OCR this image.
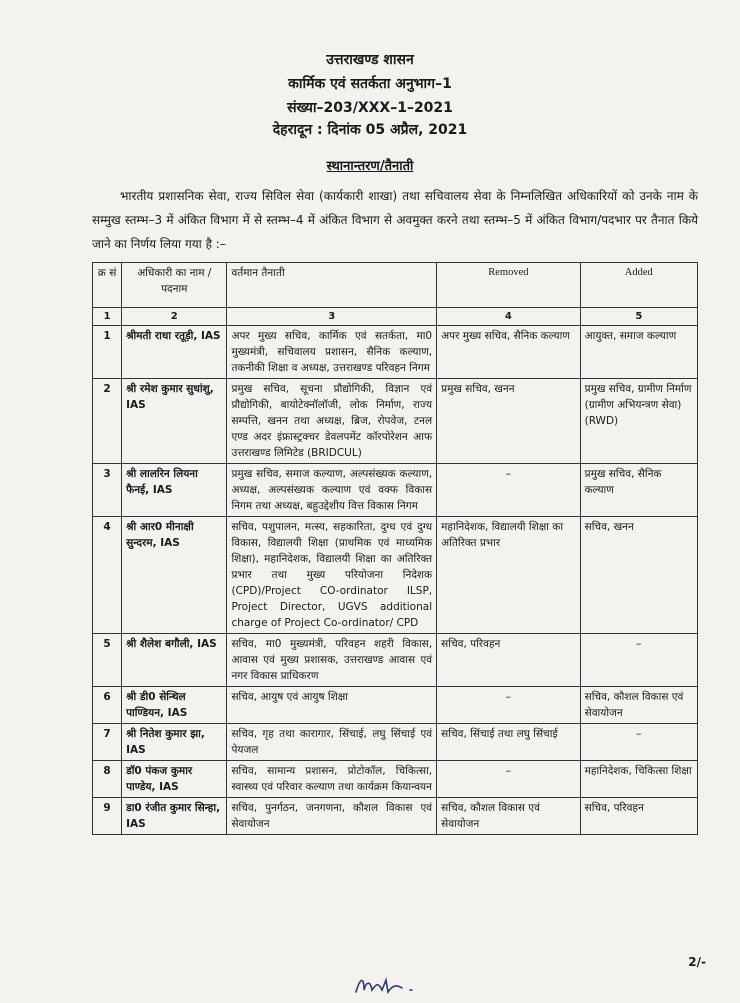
उत्तराखण्ड शासन
कार्मिक एवं सतर्कता अनुभाग–1
संख्या–203/XXX–1–2021
देहरादून : दिनांक 05 अप्रैल, 2021
स्थानान्तरण/तैनाती
भारतीय प्रशासनिक सेवा, राज्य सिविल सेवा (कार्यकारी शाखा) तथा सचिवालय सेवा के निम्नलिखित अधिकारियों को उनके नाम के सम्मुख स्तम्भ–3 में अंकित विभाग में से स्तम्भ–4 में अंकित विभाग से अवमुक्त करने तथा स्तम्भ–5 में अंकित विभाग/पदभार पर तैनात किये जाने का निर्णय लिया गया है :–
क्र सं	अधिकारी का नाम /पदनाम	वर्तमान तैनाती	Removed	Added
1	2	3	4	5
1	श्रीमती राधा रतूड़ी, IAS	अपर मुख्य सचिव, कार्मिक एवं सतर्कता, मा0 मुख्यमंत्री, सचिवालय प्रशासन, सैनिक कल्याण, तकनीकी शिक्षा व अध्यक्ष, उत्तराखण्ड परिवहन निगम	अपर मुख्य सचिव, सैनिक कल्याण	आयुक्त, समाज कल्याण
2	श्री रमेश कुमार सुधांशु, IAS	प्रमुख सचिव, सूचना प्रौद्योगिकी, विज्ञान एवं प्रौद्योगिकी, बायोटेक्नॉलॉजी, लोक निर्माण, राज्य सम्पत्ति, खनन तथा अध्यक्ष, ब्रिज, रोपवेज, टनल एण्ड अदर इंफ्रास्ट्रक्चर डेवलपमेंट कॉरपोरेशन आफ उत्तराखण्ड लिमिटेड (BRIDCUL)	प्रमुख सचिव, खनन	प्रमुख सचिव, ग्रामीण निर्माण (ग्रामीण अभियन्त्रण सेवा) (RWD)
3	श्री लालरिन लियना फैनई, IAS	प्रमुख सचिव, समाज कल्याण, अल्पसंख्यक कल्याण, अध्यक्ष, अल्पसंख्यक कल्याण एवं वक्फ विकास निगम तथा अध्यक्ष, बहुउद्देशीय वित्त विकास निगम	–	प्रमुख सचिव, सैनिक कल्याण
4	श्री आर0 मीनाक्षी सुन्दरम, IAS	सचिव, पशुपालन, मत्स्य, सहकारिता, दुग्ध एवं दुग्ध विकास, विद्यालयी शिक्षा (प्राथमिक एवं माध्यमिक शिक्षा), महानिदेशक, विद्यालयी शिक्षा का अतिरिक्त प्रभार तथा मुख्य परियोजना निदेशक (CPD)/Project CO-ordinator ILSP, Project Director, UGVS additional charge of Project Co-ordinator/ CPD	महानिदेशक, विद्यालयी शिक्षा का अतिरिक्त प्रभार	सचिव, खनन
5	श्री शैलेश बगौली, IAS	सचिव, मा0 मुख्यमंत्री, परिवहन शहरी विकास, आवास एवं मुख्य प्रशासक, उत्तराखण्ड आवास एवं नगर विकास प्राधिकरण	सचिव, परिवहन	–
6	श्री डी0 सेन्थिल पाण्डियन, IAS	सचिव, आयुष एवं आयुष शिक्षा	–	सचिव, कौशल विकास एवं सेवायोजन
7	श्री नितेश कुमार झा, IAS	सचिव, गृह तथा कारागार, सिंचाई, लघु सिंचाई एवं पेयजल	सचिव, सिंचाई तथा लघु सिंचाई	–
8	डॉ0 पंकज कुमार पाण्डेय, IAS	सचिव, सामान्य प्रशासन, प्रोटोकॉल, चिकित्सा, स्वास्थ्य एवं परिवार कल्याण तथा कार्यक्रम कियान्वयन	–	महानिदेशक, चिकित्सा शिक्षा
9	डा0 रंजीत कुमार सिन्हा, IAS	सचिव, पुनर्गठन, जनगणना, कौशल विकास एवं सेवायोजन	सचिव, कौशल विकास एवं सेवायोजन	सचिव, परिवहन
2/-
